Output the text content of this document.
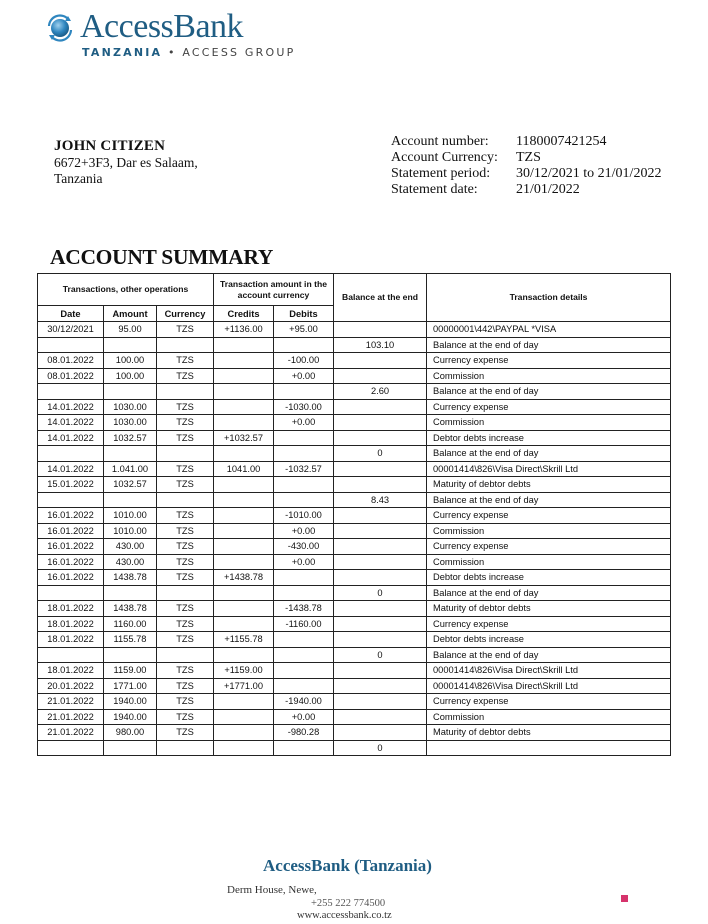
AccessBank
TANZANIA • ACCESS GROUP
JOHN CITIZEN
6672+3F3, Dar es Salaam,
Tanzania
Account number:	1180007421254
Account Currency:	TZS
Statement period:	30/12/2021 to 21/01/2022
Statement date:	21/01/2022
ACCOUNT SUMMARY
Transactions, other operations			Transaction amount in the account currency		Balance at the end	Transaction details
Date	Amount	Currency	Credits	Debits		
30/12/2021	95.00	TZS	+1136.00	+95.00		00000001\442\PAYPAL *VISA
					103.10	Balance at the end of day
08.01.2022	100.00	TZS		-100.00		Currency expense
08.01.2022	100.00	TZS		+0.00		Commission
					2.60	Balance at the end of day
14.01.2022	1030.00	TZS		-1030.00		Currency expense
14.01.2022	1030.00	TZS		+0.00		Commission
14.01.2022	1032.57	TZS	+1032.57			Debtor debts increase
					0	Balance at the end of day
14.01.2022	1.041.00	TZS	1041.00	-1032.57		00001414\826\Visa Direct\Skrill Ltd
15.01.2022	1032.57	TZS				Maturity of debtor debts
					8.43	Balance at the end of day
16.01.2022	1010.00	TZS		-1010.00		Currency expense
16.01.2022	1010.00	TZS		+0.00		Commission
16.01.2022	430.00	TZS		-430.00		Currency expense
16.01.2022	430.00	TZS		+0.00		Commission
16.01.2022	1438.78	TZS	+1438.78			Debtor debts increase
					0	Balance at the end of day
18.01.2022	1438.78	TZS		-1438.78		Maturity of debtor debts
18.01.2022	1160.00	TZS		-1160.00		Currency expense
18.01.2022	1155.78	TZS	+1155.78			Debtor debts increase
					0	Balance at the end of day
18.01.2022	1159.00	TZS	+1159.00			00001414\826\Visa Direct\Skrill Ltd
20.01.2022	1771.00	TZS	+1771.00			00001414\826\Visa Direct\Skrill Ltd
21.01.2022	1940.00	TZS		-1940.00		Currency expense
21.01.2022	1940.00	TZS		+0.00		Commission
21.01.2022	980.00	TZS		-980.28		Maturity of debtor debts
					0	
AccessBank (Tanzania)
Derm House, Newe,
+255 222 774500
www.accessbank.co.tz
